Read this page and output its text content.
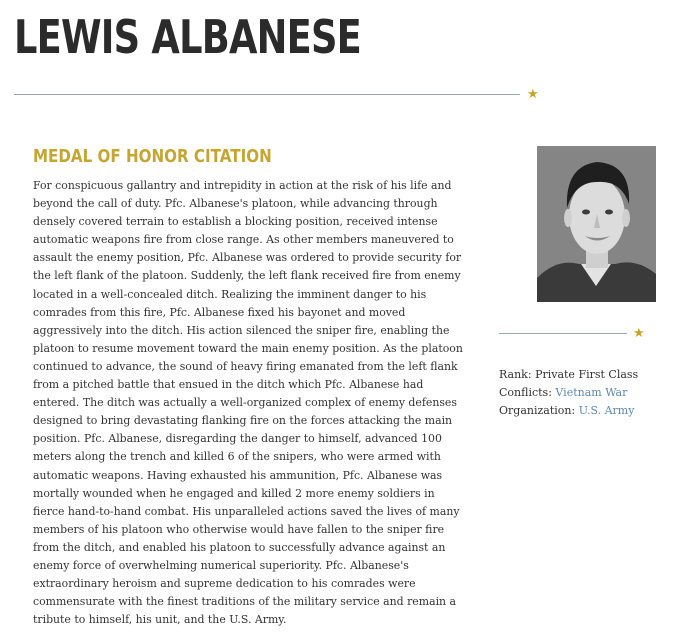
LEWIS ALBANESE
★
MEDAL OF HONOR CITATION

For conspicuous gallantry and intrepidity in action at the risk of his life and beyond the call of duty. Pfc. Albanese's platoon, while advancing through densely covered terrain to establish a blocking position, received intense automatic weapons fire from close range. As other members maneuvered to assault the enemy position, Pfc. Albanese was ordered to provide security for the left flank of the platoon. Suddenly, the left flank received fire from enemy located in a well-concealed ditch. Realizing the imminent danger to his comrades from this fire, Pfc. Albanese fixed his bayonet and moved aggressively into the ditch. His action silenced the sniper fire, enabling the platoon to resume movement toward the main enemy position. As the platoon continued to advance, the sound of heavy firing emanated from the left flank from a pitched battle that ensued in the ditch which Pfc. Albanese had entered. The ditch was actually a well-organized complex of enemy defenses designed to bring devastating flanking fire on the forces attacking the main position. Pfc. Albanese, disregarding the danger to himself, advanced 100 meters along the trench and killed 6 of the snipers, who were armed with automatic weapons. Having exhausted his ammunition, Pfc. Albanese was mortally wounded when he engaged and killed 2 more enemy soldiers in fierce hand-to-hand combat. His unparalleled actions saved the lives of many members of his platoon who otherwise would have fallen to the sniper fire from the ditch, and enabled his platoon to successfully advance against an enemy force of overwhelming numerical superiority. Pfc. Albanese's extraordinary heroism and supreme dedication to his comrades were commensurate with the finest traditions of the military service and remain a tribute to himself, his unit, and the U.S. Army.

★
Rank: Private First Class
Conflicts: Vietnam War
Organization: U.S. Army
